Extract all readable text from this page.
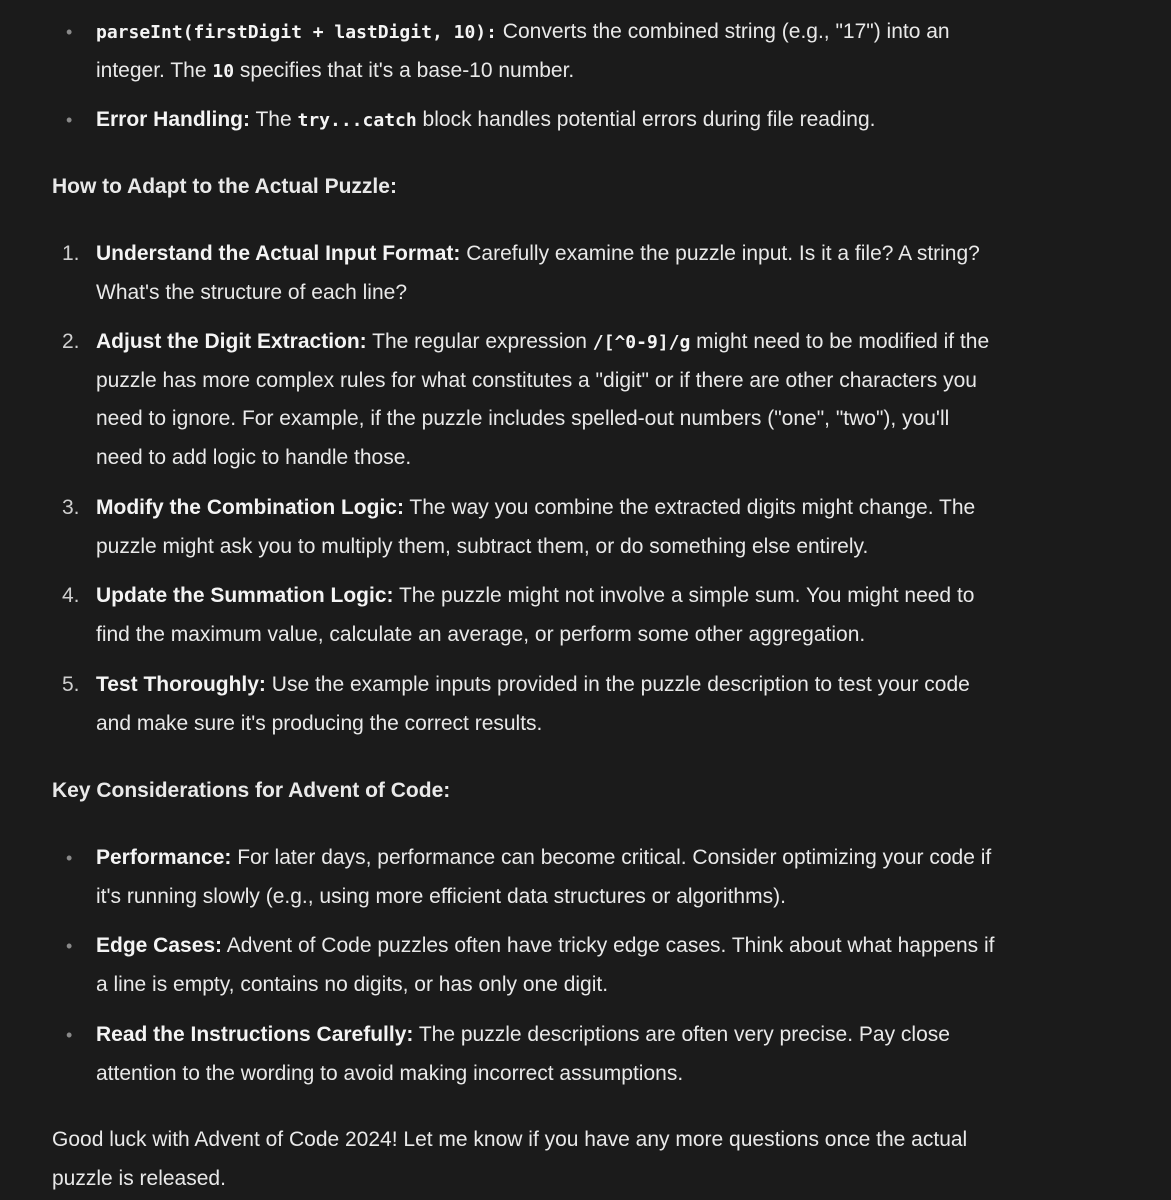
•	parseInt(firstDigit + lastDigit, 10): Converts the combined string (e.g., "17") into an
integer. The 10 specifies that it's a base-10 number.
• Error Handling: The try...catch block handles potential errors during file reading.
How to Adapt to the Actual Puzzle:
1. Understand the Actual Input Format: Carefully examine the puzzle input. Is it a file? A string?
What's the structure of each line?
2. Adjust the Digit Extraction: The regular expression /[^0-9]/g might need to be modified if the
puzzle has more complex rules for what constitutes a "digit" or if there are other characters you
need to ignore. For example, if the puzzle includes spelled-out numbers ("one", "two"), you'll
need to add logic to handle those.
3. Modify the Combination Logic: The way you combine the extracted digits might change. The
puzzle might ask you to multiply them, subtract them, or do something else entirely.
4. Update the Summation Logic: The puzzle might not involve a simple sum. You might need to
find the maximum value, calculate an average, or perform some other aggregation.
5. Test Thoroughly: Use the example inputs provided in the puzzle description to test your code
and make sure it's producing the correct results.
Key Considerations for Advent of Code:
• Performance: For later days, performance can become critical. Consider optimizing your code if
it's running slowly (e.g., using more efficient data structures or algorithms).
• Edge Cases: Advent of Code puzzles often have tricky edge cases. Think about what happens if
a line is empty, contains no digits, or has only one digit.
• Read the Instructions Carefully: The puzzle descriptions are often very precise. Pay close
attention to the wording to avoid making incorrect assumptions.
Good luck with Advent of Code 2024! Let me know if you have any more questions once the actual
puzzle is released.
